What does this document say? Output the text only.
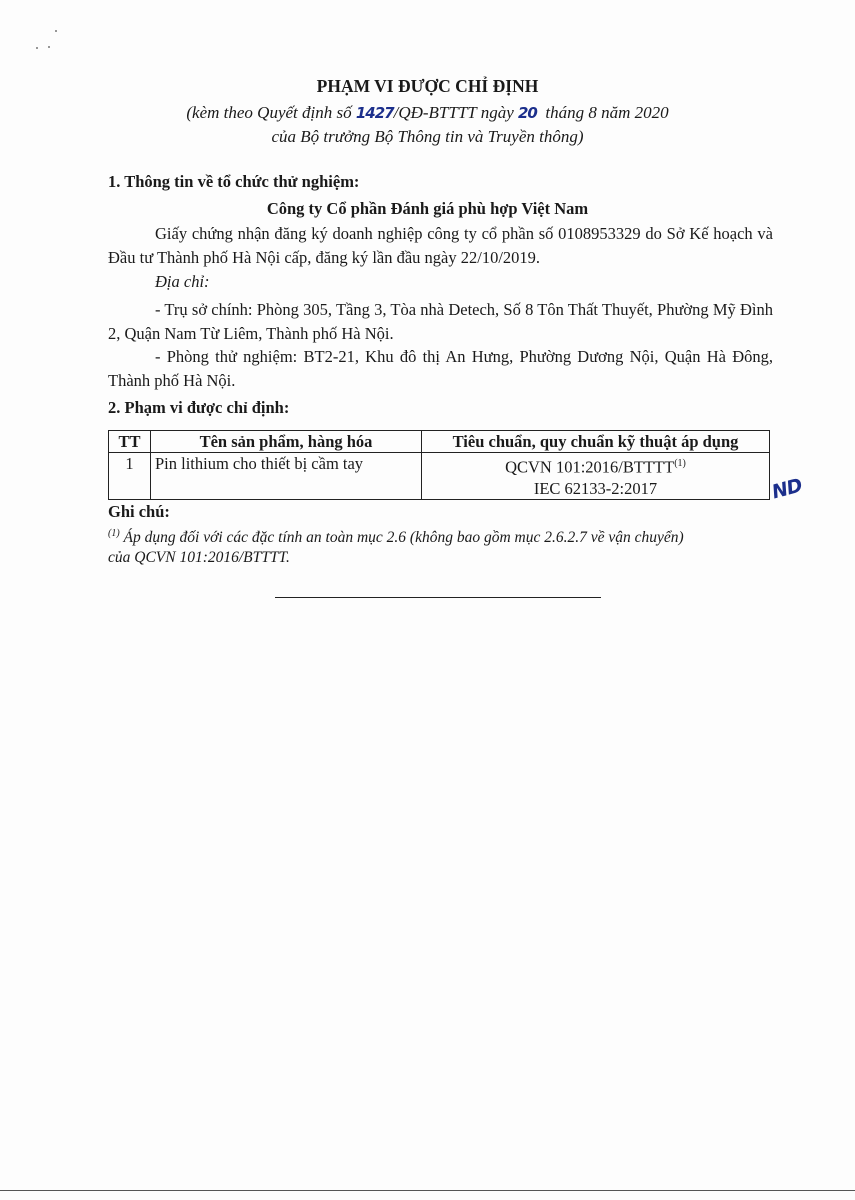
PHẠM VI ĐƯỢC CHỈ ĐỊNH
(kèm theo Quyết định số 1427/QĐ-BTTTT ngày 20  tháng 8 năm 2020
của Bộ trưởng Bộ Thông tin và Truyền thông)
1. Thông tin về tổ chức thử nghiệm:
Công ty Cổ phần Đánh giá phù hợp Việt Nam
Giấy chứng nhận đăng ký doanh nghiệp công ty cổ phần số 0108953329 do Sở Kế hoạch và Đầu tư Thành phố Hà Nội cấp, đăng ký lần đầu ngày 22/10/2019.
Địa chỉ:
- Trụ sở chính: Phòng 305, Tầng 3, Tòa nhà Detech, Số 8 Tôn Thất Thuyết, Phường Mỹ Đình 2, Quận Nam Từ Liêm, Thành phố Hà Nội.
- Phòng thử nghiệm: BT2-21, Khu đô thị An Hưng, Phường Dương Nội, Quận Hà Đông, Thành phố Hà Nội.
2. Phạm vi được chỉ định:
TT	Tên sản phẩm, hàng hóa	Tiêu chuẩn, quy chuẩn kỹ thuật áp dụng
1	Pin lithium cho thiết bị cầm tay	QCVN 101:2016/BTTTT$^{(1)}$
IEC 62133-2:2017	ND
Ghi chú:
$^{(1)}$ Áp dụng đối với các đặc tính an toàn mục 2.6 (không bao gồm mục 2.6.2.7 về vận chuyển)
của QCVN 101:2016/BTTTT.
